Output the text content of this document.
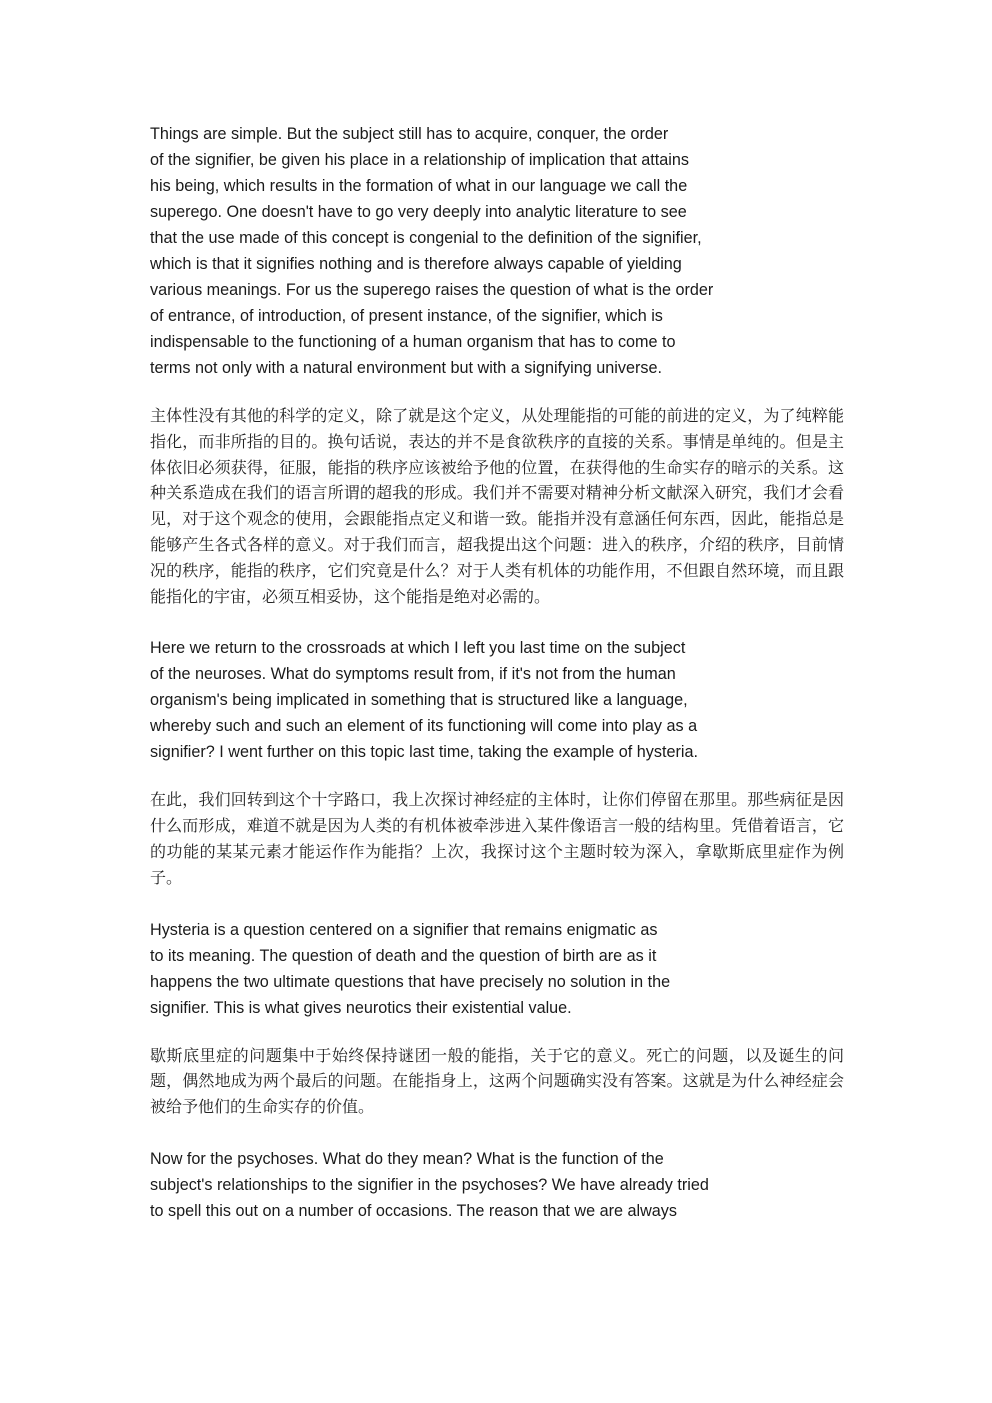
Things are simple. But the subject still has to acquire, conquer, the order
of the signifier, be given his place in a relationship of implication that attains
his being, which results in the formation of what in our language we call the
superego. One doesn't have to go very deeply into analytic literature to see
that the use made of this concept is congenial to the definition of the signifier,
which is that it signifies nothing and is therefore always capable of yielding
various meanings. For us the superego raises the question of what is the order
of entrance, of introduction, of present instance, of the signifier, which is
indispensable to the functioning of a human organism that has to come to
terms not only with a natural environment but with a signifying universe.

主体性没有其他的科学的定义，除了就是这个定义，从处理能指的可能的前进的定义，为了纯粹能指化，而非所指的目的。换句话说，表达的并不是食欲秩序的直接的关系。事情是单纯的。但是主体依旧必须获得，征服，能指的秩序应该被给予他的位置，在获得他的生命实存的暗示的关系。这种关系造成在我们的语言所谓的超我的形成。我们并不需要对精神分析文献深入研究，我们才会看见，对于这个观念的使用，会跟能指点定义和谐一致。能指并没有意涵任何东西，因此，能指总是能够产生各式各样的意义。对于我们而言，超我提出这个问题：进入的秩序，介绍的秩序，目前情况的秩序，能指的秩序，它们究竟是什么？对于人类有机体的功能作用，不但跟自然环境，而且跟能指化的宇宙，必须互相妥协，这个能指是绝对必需的。

Here we return to the crossroads at which I left you last time on the subject
of the neuroses. What do symptoms result from, if it's not from the human
organism's being implicated in something that is structured like a language,
whereby such and such an element of its functioning will come into play as a
signifier? I went further on this topic last time, taking the example of hysteria.

在此，我们回转到这个十字路口，我上次探讨神经症的主体时，让你们停留在那里。那些病征是因什么而形成，难道不就是因为人类的有机体被牵涉进入某件像语言一般的结构里。凭借着语言，它的功能的某某元素才能运作作为能指？上次，我探讨这个主题时较为深入，拿歇斯底里症作为例子。

Hysteria is a question centered on a signifier that remains enigmatic as
to its meaning. The question of death and the question of birth are as it
happens the two ultimate questions that have precisely no solution in the
signifier. This is what gives neurotics their existential value.

歇斯底里症的问题集中于始终保持谜团一般的能指，关于它的意义。死亡的问题，以及诞生的问题，偶然地成为两个最后的问题。在能指身上，这两个问题确实没有答案。这就是为什么神经症会被给予他们的生命实存的价值。

Now for the psychoses. What do they mean? What is the function of the
subject's relationships to the signifier in the psychoses? We have already tried
to spell this out on a number of occasions. The reason that we are always
